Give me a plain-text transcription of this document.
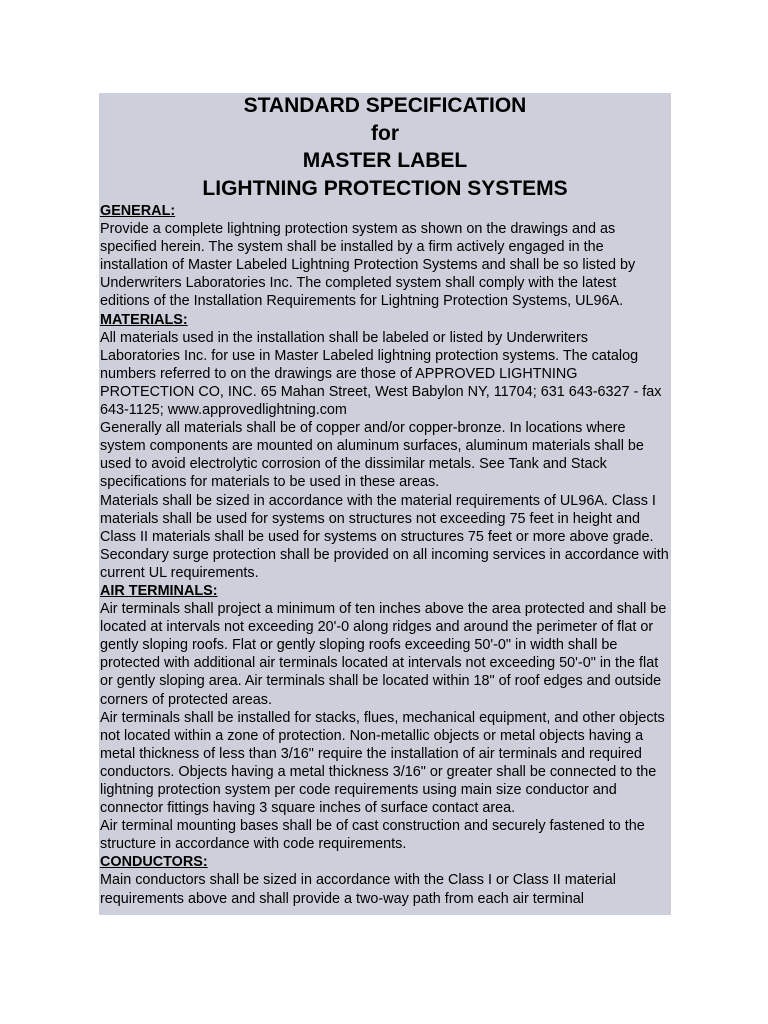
STANDARD SPECIFICATION
for
MASTER LABEL
LIGHTNING PROTECTION SYSTEMS
GENERAL:

Provide a complete lightning protection system as shown on the drawings and as specified herein. The system shall be installed by a firm actively engaged in the installation of Master Labeled Lightning Protection Systems and shall be so listed by Underwriters Laboratories Inc. The completed system shall comply with the latest editions of the Installation Requirements for Lightning Protection Systems, UL96A.

MATERIALS:

All materials used in the installation shall be labeled or listed by Underwriters Laboratories Inc. for use in Master Labeled lightning protection systems. The catalog numbers referred to on the drawings are those of APPROVED LIGHTNING PROTECTION CO, INC. 65 Mahan Street, West Babylon NY, 11704; 631 643-6327 - fax 643-1125; www.approvedlightning.com

Generally all materials shall be of copper and/or copper-bronze. In locations where system components are mounted on aluminum surfaces, aluminum materials shall be used to avoid electrolytic corrosion of the dissimilar metals. See Tank and Stack specifications for materials to be used in these areas.

Materials shall be sized in accordance with the material requirements of UL96A. Class I materials shall be used for systems on structures not exceeding 75 feet in height and Class II materials shall be used for systems on structures 75 feet or more above grade.

Secondary surge protection shall be provided on all incoming services in accordance with current UL requirements.

AIR TERMINALS:

Air terminals shall project a minimum of ten inches above the area protected and shall be located at intervals not exceeding 20'-0 along ridges and around the perimeter of flat or gently sloping roofs. Flat or gently sloping roofs exceeding 50'-0" in width shall be protected with additional air terminals located at intervals not exceeding 50'-0" in the flat or gently sloping area. Air terminals shall be located within 18" of roof edges and outside corners of protected areas.

Air terminals shall be installed for stacks, flues, mechanical equipment, and other objects not located within a zone of protection. Non-metallic objects or metal objects having a metal thickness of less than 3/16" require the installation of air terminals and required conductors. Objects having a metal thickness 3/16" or greater shall be connected to the lightning protection system per code requirements using main size conductor and connector fittings having 3 square inches of surface contact area.

Air terminal mounting bases shall be of cast construction and securely fastened to the structure in accordance with code requirements.

CONDUCTORS:

Main conductors shall be sized in accordance with the Class I or Class II material requirements above and shall provide a two-way path from each air terminal
